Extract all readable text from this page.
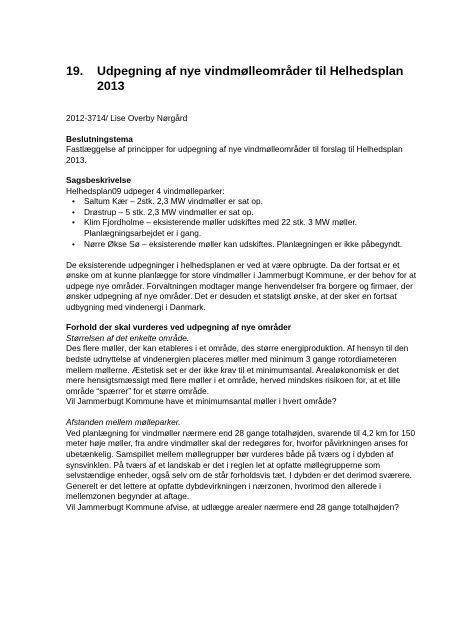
19.	Udpegning af nye vindmølleområder til Helhedsplan 2013
2012-3714/ Lise Overby Nørgård
Beslutningstema

Fastlæggelse af principper for udpegning af nye vindmølleområder til forslag til Helhedsplan 2013.

Sagsbeskrivelse

Helhedsplan09 udpeger 4 vindmølleparker:

• Saltum Kær – 2stk. 2,3 MW vindmøller er sat op.
• Drøstrup – 5 stk. 2,3 MW vindmøller er sat op.
• Klim Fjordholme – eksisterende møller udskiftes med 22 stk. 3 MW møller. Planlægningsarbejdet er i gang.
• Nørre Økse Sø – eksisterende møller kan udskiftes. Planlægningen er ikke påbegyndt.

De eksisterende udpegninger i helhedsplanen er ved at være opbrugte. Da der fortsat er et ønske om at kunne planlægge for store vindmøller i Jammerbugt Kommune, er der behov for at udpege nye områder. Forvaltningen modtager mange henvendelser fra borgere og firmaer, der ønsker udpegning af nye områder. Det er desuden et statsligt ønske, at der sker en fortsat udbygning med vindenergi i Danmark.

Forhold der skal vurderes ved udpegning af nye områder
Størrelsen af det enkelte område.

Des flere møller, der kan etableres i et område, des større energiproduktion. Af hensyn til den bedste udnyttelse af vindenergien placeres møller med minimum 3 gange rotordiameteren mellem møllerne. Æstetisk set er der ikke krav til et minimumsantal. Arealøkonomisk er det mere hensigtsmæssigt med flere møller i et område, herved mindskes risikoen for, at et lille område “spærrer” for et større område.

Vil Jammerbugt Kommune have et minimumsantal møller i hvert område?

Afstanden mellem mølleparker.

Ved planlægning for vindmøller nærmere end 28 gange totalhøjden, svarende til 4,2 km for 150 meter høje møller, fra andre vindmøller skal der redegøres for, hvorfor påvirkningen anses for ubetænkelig. Samspillet mellem møllegrupper bør vurderes både på tværs og i dybden af synsvinklen. På tværs af et landskab er det i reglen let at opfatte møllegrupperne som selvstændige enheder, også selv om de står forholdsvis tæt. I dybden er det derimod sværere. Generelt er det lettere at opfatte dybdevirkningen i nærzonen, hvorimod den allerede i mellemzonen begynder at aftage.

Vil Jammerbugt Kommune afvise, at udlægge arealer nærmere end 28 gange totalhøjden?
